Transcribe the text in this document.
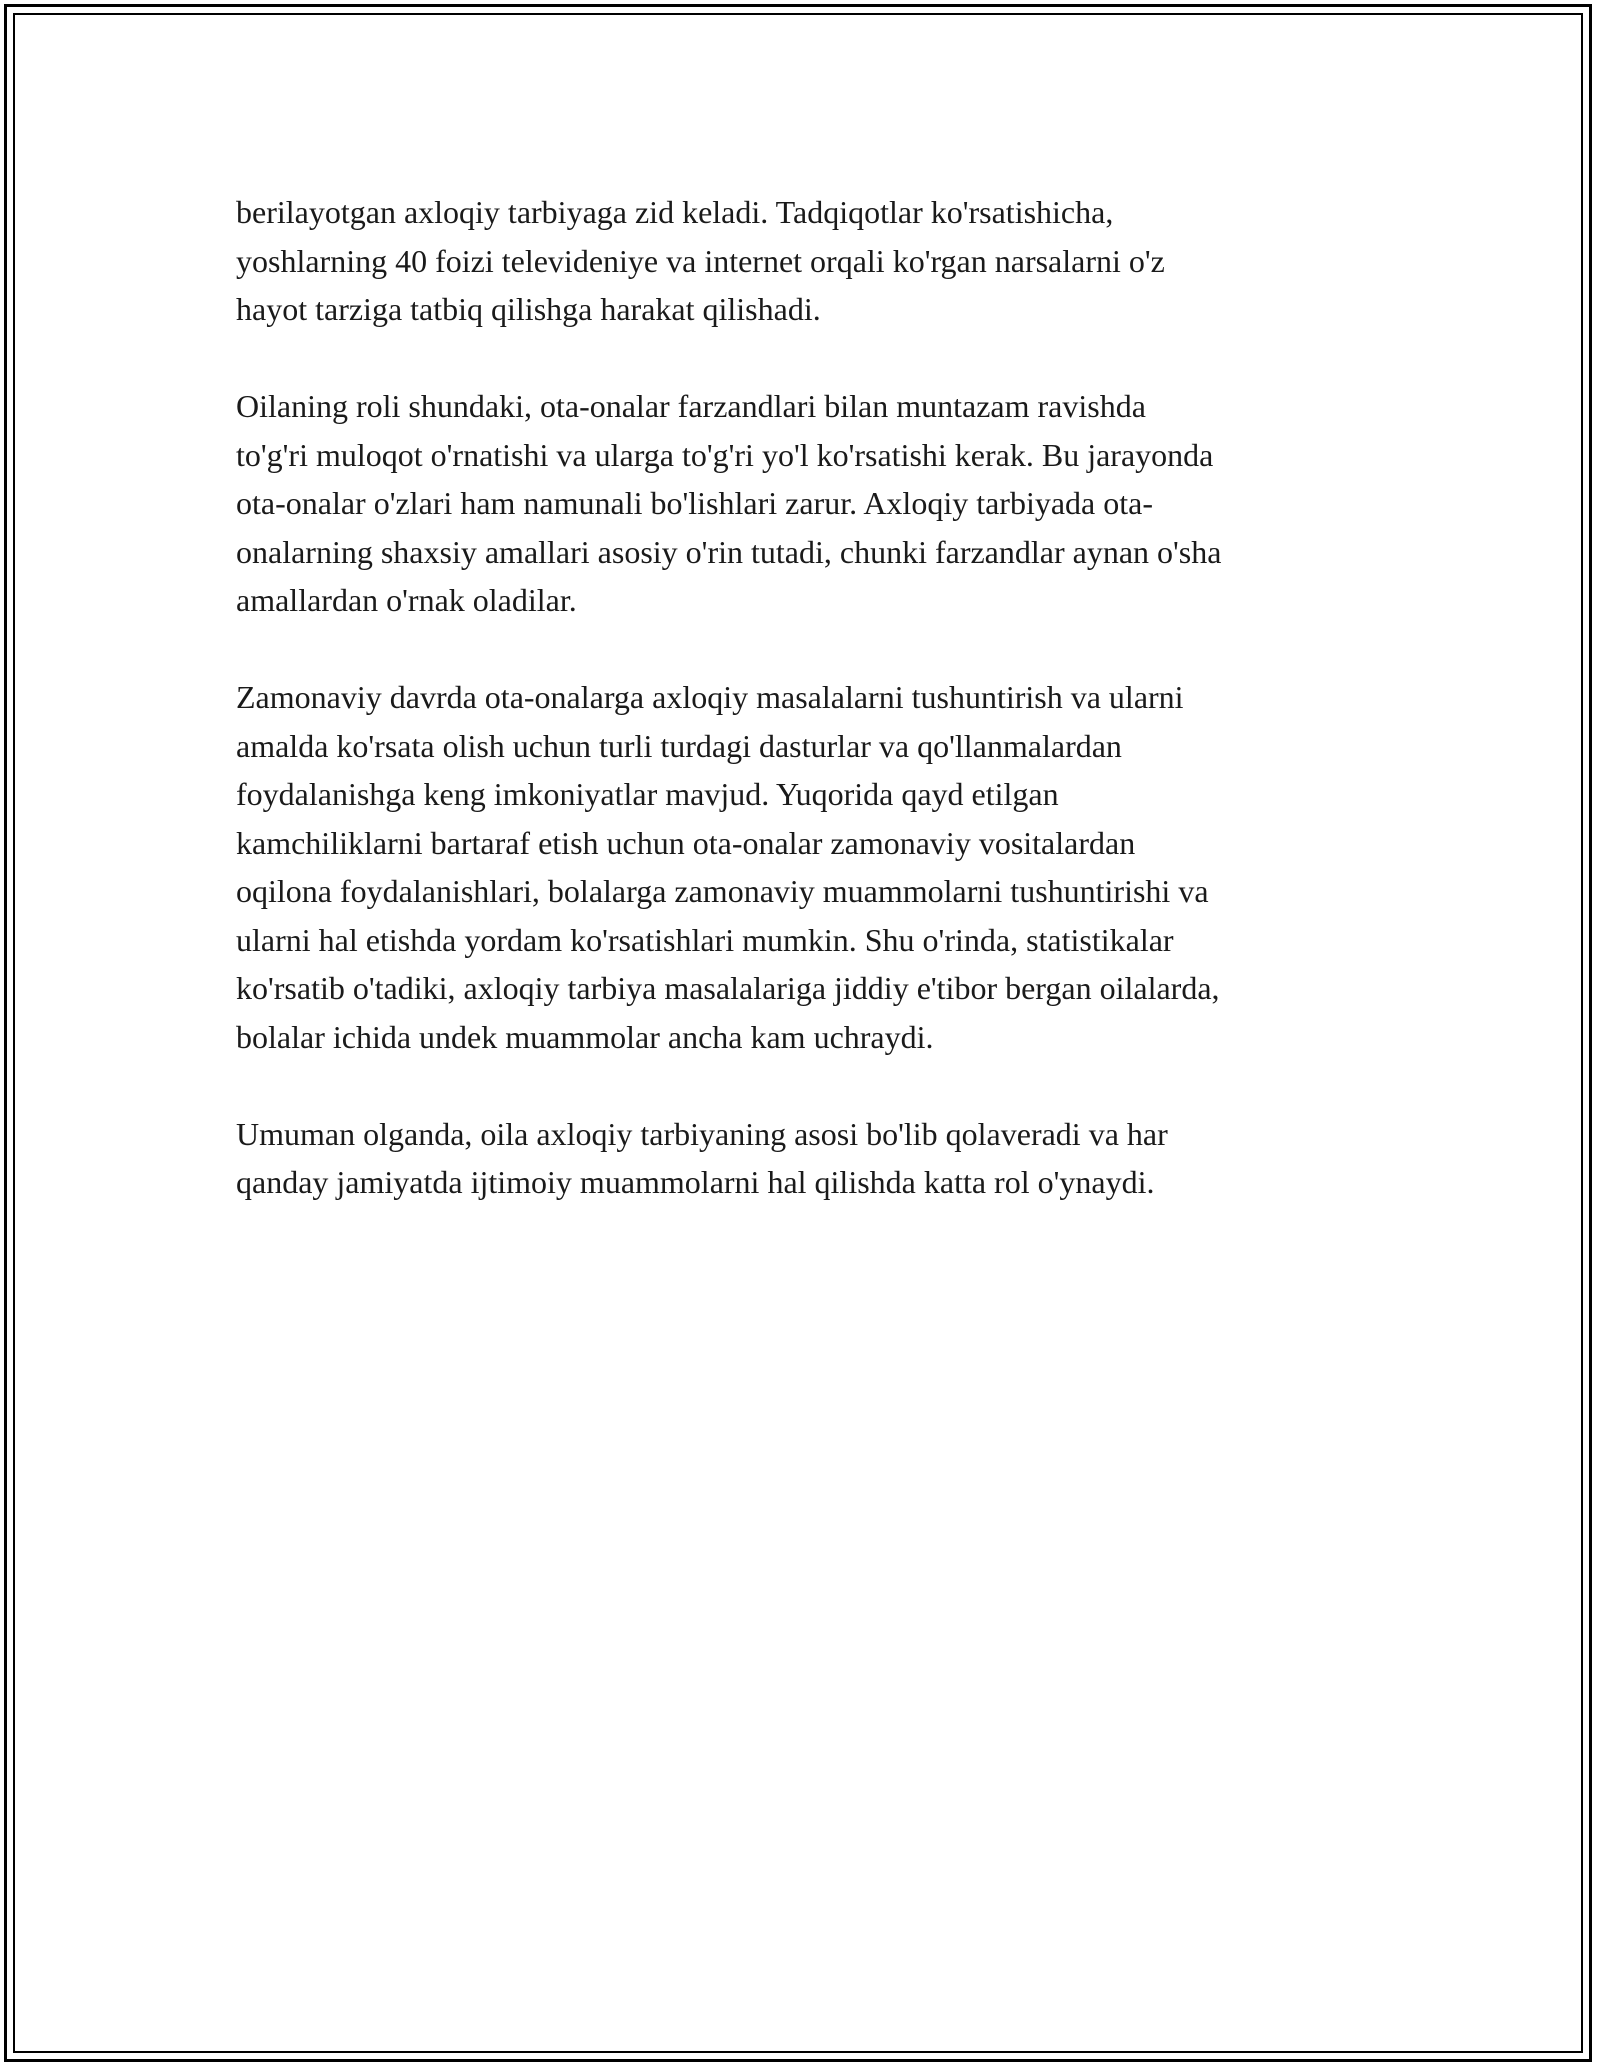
berilayotgan axloqiy tarbiyaga zid keladi. Tadqiqotlar ko'rsatishicha,
yoshlarning 40 foizi televideniye va internet orqali ko'rgan narsalarni o'z
hayot tarziga tatbiq qilishga harakat qilishadi.

Oilaning roli shundaki, ota-onalar farzandlari bilan muntazam ravishda
to'g'ri muloqot o'rnatishi va ularga to'g'ri yo'l ko'rsatishi kerak. Bu jarayonda
ota-onalar o'zlari ham namunali bo'lishlari zarur. Axloqiy tarbiyada ota-
onalarning shaxsiy amallari asosiy o'rin tutadi, chunki farzandlar aynan o'sha
amallardan o'rnak oladilar.

Zamonaviy davrda ota-onalarga axloqiy masalalarni tushuntirish va ularni
amalda ko'rsata olish uchun turli turdagi dasturlar va qo'llanmalardan
foydalanishga keng imkoniyatlar mavjud. Yuqorida qayd etilgan
kamchiliklarni bartaraf etish uchun ota-onalar zamonaviy vositalardan
oqilona foydalanishlari, bolalarga zamonaviy muammolarni tushuntirishi va
ularni hal etishda yordam ko'rsatishlari mumkin. Shu o'rinda, statistikalar
ko'rsatib o'tadiki, axloqiy tarbiya masalalariga jiddiy e'tibor bergan oilalarda,
bolalar ichida undek muammolar ancha kam uchraydi.

Umuman olganda, oila axloqiy tarbiyaning asosi bo'lib qolaveradi va har
qanday jamiyatda ijtimoiy muammolarni hal qilishda katta rol o'ynaydi.
